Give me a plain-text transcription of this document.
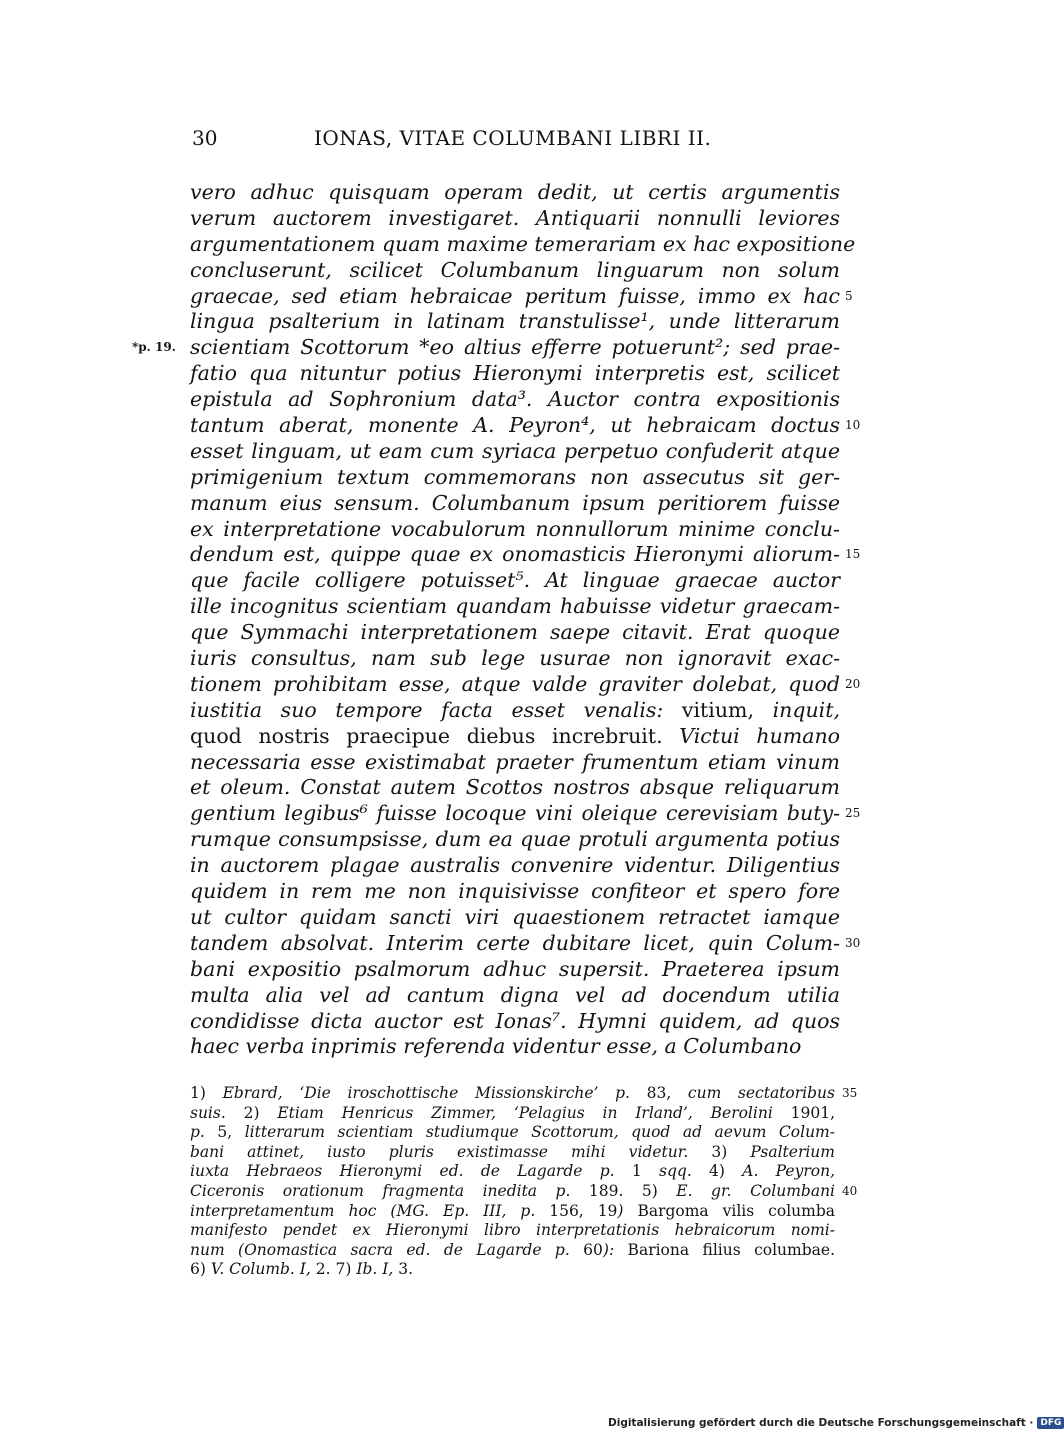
30	IONAS, VITAE COLUMBANI LIBRI II.
vero adhuc quisquam operam dedit, ut certis argumentis
verum auctorem investigaret. Antiquarii nonnulli leviores
argumentationem quam maxime temerariam ex hac expositione
concluserunt, scilicet Columbanum linguarum non solum
graecae, sed etiam hebraicae peritum fuisse, immo ex hac 5
lingua psalterium in latinam transtulisse¹, unde litterarum
scientiam Scottorum *eo altius efferre potuerunt²; sed prae-
*p. 19.
fatio qua nituntur potius Hieronymi interpretis est, scilicet
epistula ad Sophronium data³. Auctor contra expositionis
tantum aberat, monente A. Peyron⁴, ut hebraicam doctus 10
esset linguam, ut eam cum syriaca perpetuo confuderit atque
primigenium textum commemorans non assecutus sit ger-
manum eius sensum. Columbanum ipsum peritiorem fuisse
ex interpretatione vocabulorum nonnullorum minime conclu-
dendum est, quippe quae ex onomasticis Hieronymi aliorum- 15
que facile colligere potuisset⁵. At linguae graecae auctor
ille incognitus scientiam quandam habuisse videtur graecam-
que Symmachi interpretationem saepe citavit. Erat quoque
iuris consultus, nam sub lege usurae non ignoravit exac-
tionem prohibitam esse, atque valde graviter dolebat, quod 20
iustitia suo tempore facta esset venalis: vitium, inquit,
quod nostris praecipue diebus increbruit. Victui humano
necessaria esse existimabat praeter frumentum etiam vinum
et oleum. Constat autem Scottos nostros absque reliquarum
gentium legibus⁶ fuisse locoque vini oleique cerevisiam buty- 25
rumque consumpsisse, dum ea quae protuli argumenta potius
in auctorem plagae australis convenire videntur. Diligentius
quidem in rem me non inquisivisse confiteor et spero fore
ut cultor quidam sancti viri quaestionem retractet iamque
tandem absolvat. Interim certe dubitare licet, quin Colum- 30
bani expositio psalmorum adhuc supersit. Praeterea ipsum
multa alia vel ad cantum digna vel ad docendum utilia
condidisse dicta auctor est Ionas⁷. Hymni quidem, ad quos
haec verba inprimis referenda videntur esse, a Columbano
1) Ebrard, ‘Die iroschottische Missionskirche’ p. 83, cum sectatoribus 35
suis. 2) Etiam Henricus Zimmer, ‘Pelagius in Irland’, Berolini 1901,
p. 5, litterarum scientiam studiumque Scottorum, quod ad aevum Colum-
bani attinet, iusto pluris existimasse mihi videtur. 3) Psalterium
iuxta Hebraeos Hieronymi ed. de Lagarde p. 1 sqq. 4) A. Peyron,
Ciceronis orationum fragmenta inedita p. 189. 5) E. gr. Columbani 40
interpretamentum hoc (MG. Ep. III, p. 156, 19) Bargoma vilis columba
manifesto pendet ex Hieronymi libro interpretationis hebraicorum nomi-
num (Onomastica sacra ed. de Lagarde p. 60): Bariona filius columbae.
6) V. Columb. I, 2. 7) Ib. I, 3.
Digitalisierung gefördert durch die Deutsche Forschungsgemeinschaft · DFG
